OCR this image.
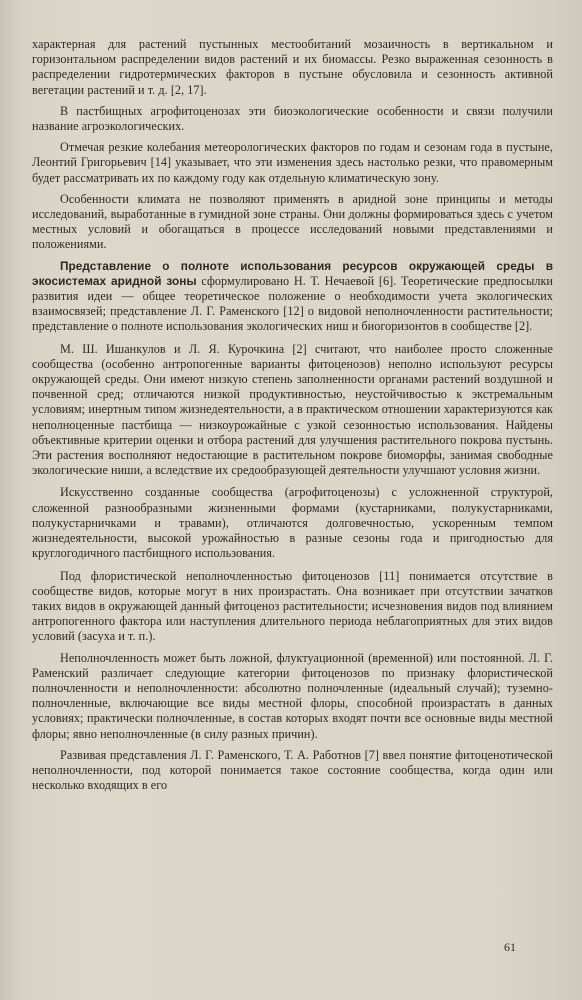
характерная для растений пустынных местообитаний мозаичность в вертикальном и горизонтальном распределении видов растений и их биомассы. Резко выраженная сезонность в распределении гидротермических факторов в пустыне обусловила и сезонность активной вегетации растений и т. д. [2, 17].

В пастбищных агрофитоценозах эти биоэкологические особенности и связи получили название агроэкологических.

Отмечая резкие колебания метеорологических факторов по годам и сезонам года в пустыне, Леонтий Григорьевич [14] указывает, что эти изменения здесь настолько резки, что правомерным будет рассматривать их по каждому году как отдельную климатическую зону.

Особенности климата не позволяют применять в аридной зоне принципы и методы исследований, выработанные в гумидной зоне страны. Они должны формироваться здесь с учетом местных условий и обогащаться в процессе исследований новыми представлениями и положениями.

Представление о полноте использования ресурсов окружающей среды в экосистемах аридной зоны сформулировано Н. Т. Нечаевой [6]. Теоретические предпосылки развития идеи — общее теоретическое положение о необходимости учета экологических взаимосвязей; представление Л. Г. Раменского [12] о видовой неполночленности растительности; представление о полноте использования экологических ниш и биогоризонтов в сообществе [2].

М. Ш. Ишанкулов и Л. Я. Курочкина [2] считают, что наиболее просто сложенные сообщества (особенно антропогенные варианты фитоценозов) неполно используют ресурсы окружающей среды. Они имеют низкую степень заполненности органами растений воздушной и почвенной сред; отличаются низкой продуктивностью, неустойчивостью к экстремальным условиям; инертным типом жизнедеятельности, а в практическом отношении характеризуются как неполноценные пастбища — низкоурожайные с узкой сезонностью использования. Найдены объективные критерии оценки и отбора растений для улучшения растительного покрова пустынь. Эти растения восполняют недостающие в растительном покрове биоморфы, занимая свободные экологические ниши, а вследствие их средообразующей деятельности улучшают условия жизни.

Искусственно созданные сообщества (агрофитоценозы) с усложненной структурой, сложенной разнообразными жизненными формами (кустарниками, полукустарниками, полукустарничками и травами), отличаются долговечностью, ускоренным темпом жизнедеятельности, высокой урожайностью в разные сезоны года и пригодностью для круглогодичного пастбищного использования.

Под флористической неполночленностью фитоценозов [11] понимается отсутствие в сообществе видов, которые могут в них произрастать. Она возникает при отсутствии зачатков таких видов в окружающей данный фитоценоз растительности; исчезновения видов под влиянием антропогенного фактора или наступления длительного периода неблагоприятных для этих видов условий (засуха и т. п.).

Неполночленность может быть ложной, флуктуационной (временной) или постоянной. Л. Г. Раменский различает следующие категории фитоценозов по признаку флористической полночленности и неполночленности: абсолютно полночленные (идеальный случай); туземно-полночленные, включающие все виды местной флоры, способной произрастать в данных условиях; практически полночленные, в состав которых входят почти все основные виды местной флоры; явно неполночленные (в силу разных причин).

Развивая представления Л. Г. Раменского, Т. А. Работнов [7] ввел понятие фитоценотической неполночленности, под которой понимается такое состояние сообщества, когда один или несколько входящих в его

61
